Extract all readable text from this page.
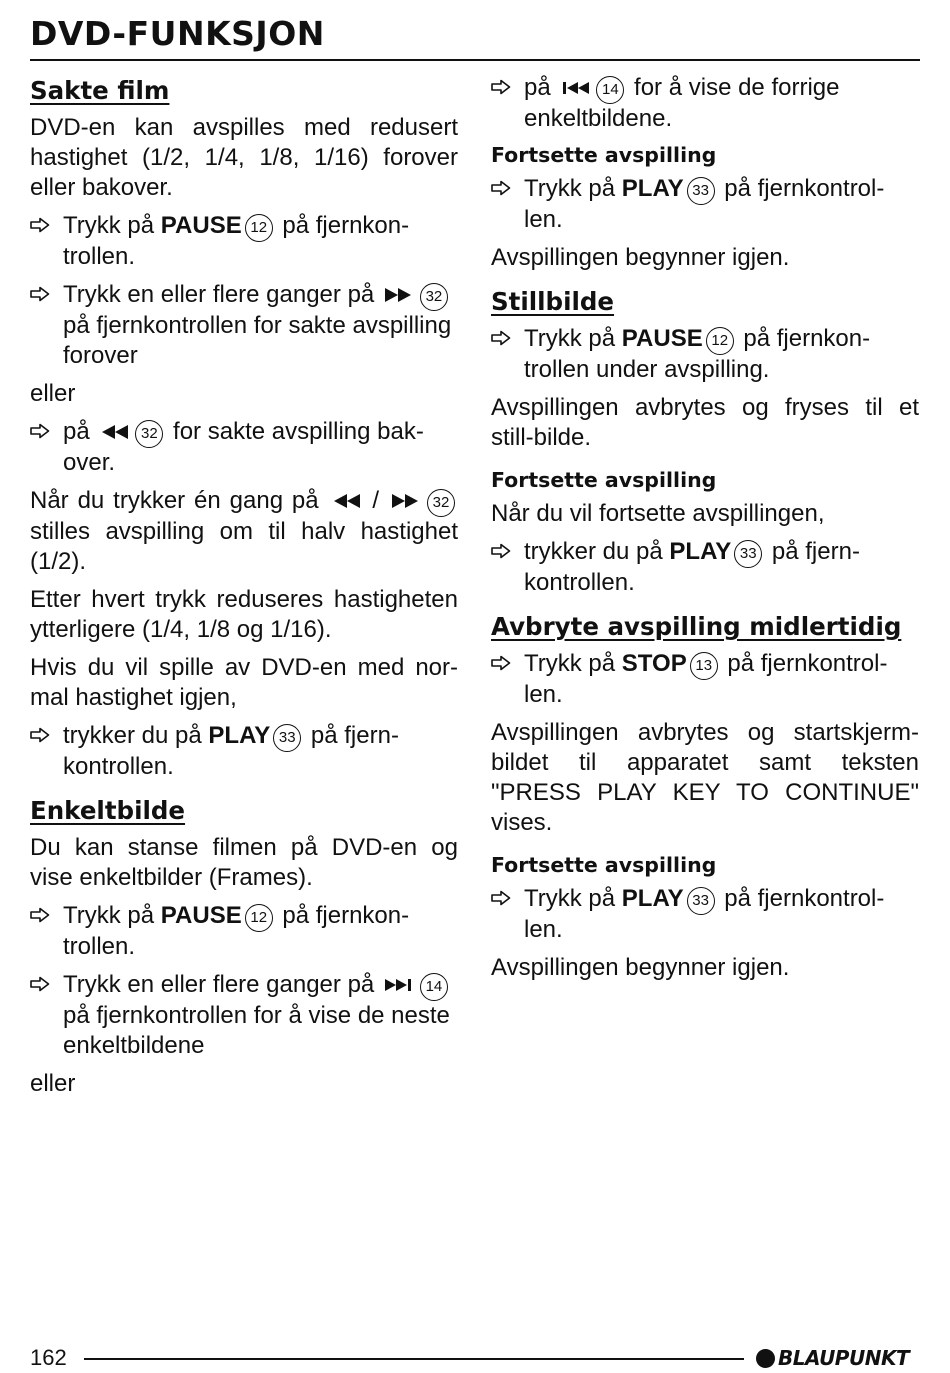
DVD-FUNKSJON
Sakte film

DVD-en kan avspilles med redusert hastighet (1/2, 1/4, 1/8, 1/16) forover eller bakover.

Trykk på PAUSE 12 på fjernkon-trollen.
Trykk en eller flere ganger på	32 på fjernkontrollen for sakte avspilling forover

eller

på	32 for sakte avspilling bak-over.

Når du trykker én gang på
/	32 stilles avspilling om til halv hastighet (1/2).

Etter hvert trykk reduseres hastigheten ytterligere (1/4, 1/8 og 1/16).

Hvis du vil spille av DVD-en med nor-mal hastighet igjen,

trykker du på PLAY 33 på fjern-kontrollen.
Enkeltbilde

Du kan stanse filmen på DVD-en og vise enkeltbilder (Frames).

Trykk på PAUSE 12 på fjernkon-trollen.
Trykk en eller flere ganger på	14 på fjernkontrollen for å vise de neste enkeltbildene

eller

på	14 for å vise de forrige enkeltbildene.
Fortsette avspilling
Trykk på PLAY 33 på fjernkontrol-len.

Avspillingen begynner igjen.

Stillbilde
Trykk på PAUSE 12 på fjernkon-trollen under avspilling.

Avspillingen avbrytes og fryses til et still-bilde.

Fortsette avspilling

Når du vil fortsette avspillingen,

trykker du på PLAY 33 på fjern-kontrollen.
Avbryte avspilling midlertidig
Trykk på STOP 13 på fjernkontrol-len.

Avspillingen avbrytes og startskjerm-bildet til apparatet samt teksten "PRESS PLAY KEY TO CONTINUE" vises.

Fortsette avspilling
Trykk på PLAY 33 på fjernkontrol-len.

Avspillingen begynner igjen.

162	BLAUPUNKT
